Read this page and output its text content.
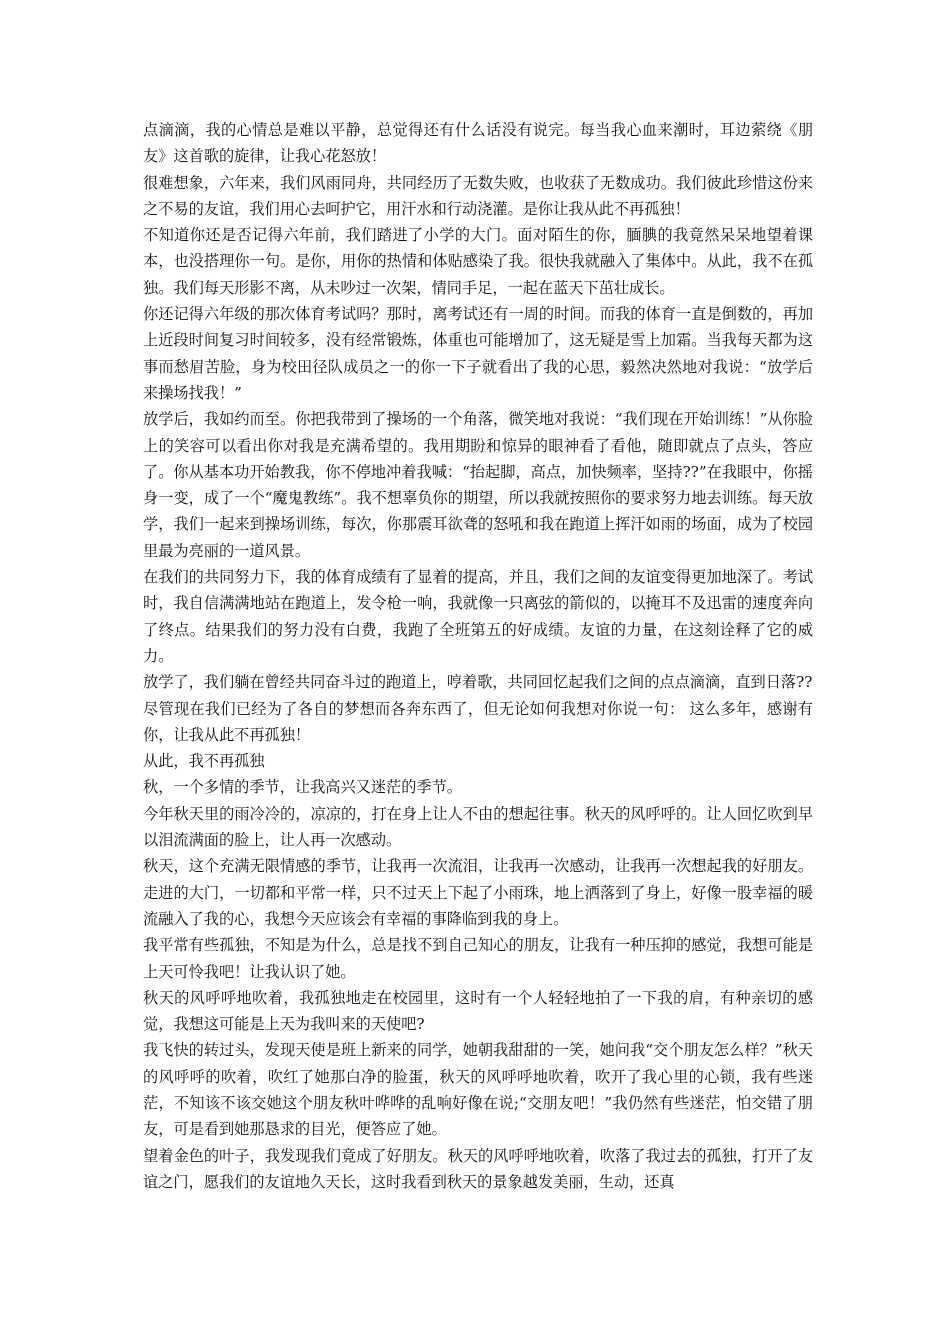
点滴滴，我的心情总是难以平静，总觉得还有什么话没有说完。每当我心血来潮时，耳边萦绕《朋友》这首歌的旋律，让我心花怒放！

很难想象，六年来，我们风雨同舟，共同经历了无数失败，也收获了无数成功。我们彼此珍惜这份来之不易的友谊，我们用心去呵护它，用汗水和行动浇灌。是你让我从此不再孤独！

不知道你还是否记得六年前，我们踏进了小学的大门。面对陌生的你，腼腆的我竟然呆呆地望着课本，也没搭理你一句。是你，用你的热情和体贴感染了我。很快我就融入了集体中。从此，我不在孤独。我们每天形影不离，从未吵过一次架，情同手足，一起在蓝天下茁壮成长。

你还记得六年级的那次体育考试吗？那时，离考试还有一周的时间。而我的体育一直是倒数的，再加上近段时间复习时间较多，没有经常锻炼，体重也可能增加了，这无疑是雪上加霜。当我每天都为这事而愁眉苦脸，身为校田径队成员之一的你一下子就看出了我的心思，毅然决然地对我说：“放学后来操场找我！”

放学后，我如约而至。你把我带到了操场的一个角落，微笑地对我说：“我们现在开始训练！”从你脸上的笑容可以看出你对我是充满希望的。我用期盼和惊异的眼神看了看他，随即就点了点头，答应了。你从基本功开始教我，你不停地冲着我喊：“抬起脚，高点，加快频率，坚持??”在我眼中，你摇身一变，成了一个“魔鬼教练”。我不想辜负你的期望，所以我就按照你的要求努力地去训练。每天放学，我们一起来到操场训练，每次，你那震耳欲聋的怒吼和我在跑道上挥汗如雨的场面，成为了校园里最为亮丽的一道风景。

在我们的共同努力下，我的体育成绩有了显着的提高，并且，我们之间的友谊变得更加地深了。考试时，我自信满满地站在跑道上，发令枪一响，我就像一只离弦的箭似的，以掩耳不及迅雷的速度奔向了终点。结果我们的努力没有白费，我跑了全班第五的好成绩。友谊的力量，在这刻诠释了它的威力。

放学了，我们躺在曾经共同奋斗过的跑道上，哼着歌，共同回忆起我们之间的点点滴滴，直到日落??

尽管现在我们已经为了各自的梦想而各奔东西了，但无论如何我想对你说一句： 这么多年，感谢有你，让我从此不再孤独！

从此，我不再孤独

秋，一个多情的季节，让我高兴又迷茫的季节。

今年秋天里的雨冷冷的，凉凉的，打在身上让人不由的想起往事。秋天的风呼呼的。让人回忆吹到早以泪流满面的脸上，让人再一次感动。

秋天，这个充满无限情感的季节，让我再一次流泪，让我再一次感动，让我再一次想起我的好朋友。 走进的大门，一切都和平常一样，只不过天上下起了小雨珠，地上洒落到了身上，好像一股幸福的暖流融入了我的心，我想今天应该会有幸福的事降临到我的身上。

我平常有些孤独，不知是为什么，总是找不到自己知心的朋友，让我有一种压抑的感觉，我想可能是上天可怜我吧！让我认识了她。

秋天的风呼呼地吹着，我孤独地走在校园里，这时有一个人轻轻地拍了一下我的肩，有种亲切的感觉，我想这可能是上天为我叫来的天使吧?

我飞快的转过头，发现天使是班上新来的同学，她朝我甜甜的一笑，她问我“交个朋友怎么样？”秋天的风呼呼的吹着，吹红了她那白净的脸蛋，秋天的风呼呼地吹着，吹开了我心里的心锁，我有些迷茫，不知该不该交她这个朋友秋叶哗哗的乱响好像在说;“交朋友吧！”我仍然有些迷茫，怕交错了朋友，可是看到她那恳求的目光，便答应了她。

望着金色的叶子，我发现我们竟成了好朋友。秋天的风呼呼地吹着，吹落了我过去的孤独，打开了友谊之门，愿我们的友谊地久天长，这时我看到秋天的景象越发美丽，生动，还真
